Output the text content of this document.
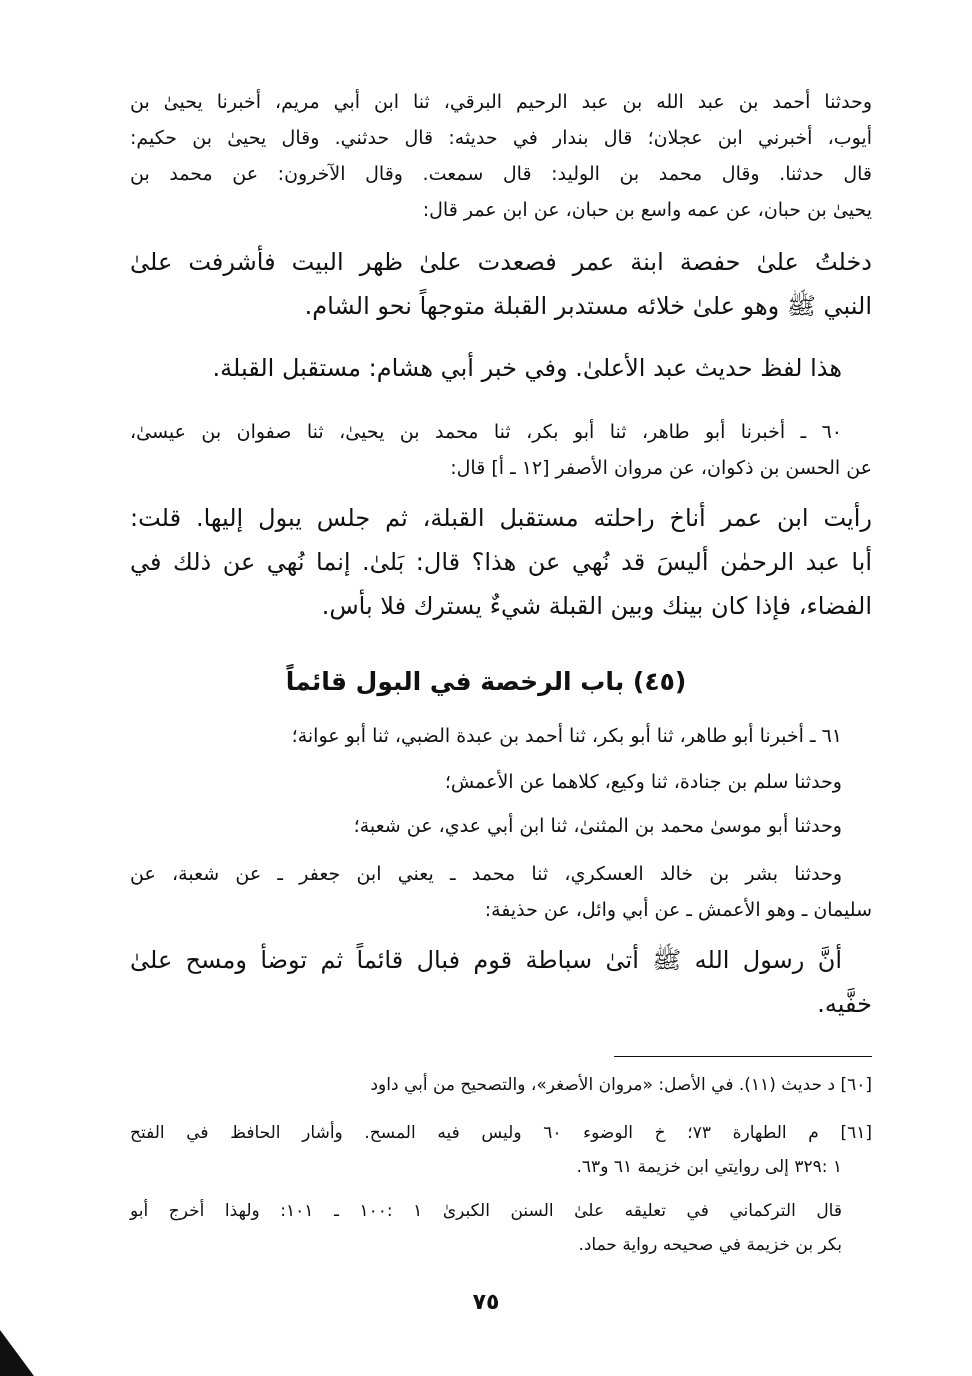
وحدثنا أحمد بن عبد الله بن عبد الرحيم البرقي، ثنا ابن أبي مريم، أخبرنا يحيىٰ بن
أيوب، أخبرني ابن عجلان؛ قال بندار في حديثه: قال حدثني. وقال يحيىٰ بن حكيم:
قال حدثنا. وقال محمد بن الوليد: قال سمعت. وقال الآخرون: عن محمد بن
يحيىٰ بن حبان، عن عمه واسع بن حبان، عن ابن عمر قال:
دخلتُ علىٰ حفصة ابنة عمر فصعدت علىٰ ظهر البيت فأشرفت علىٰ
النبي ﷺ وهو علىٰ خلائه مستدبر القبلة متوجهاً نحو الشام.
هذا لفظ حديث عبد الأعلىٰ. وفي خبر أبي هشام: مستقبل القبلة.
٦٠ ـ أخبرنا أبو طاهر، ثنا أبو بكر، ثنا محمد بن يحيىٰ، ثنا صفوان بن عيسىٰ،
عن الحسن بن ذكوان، عن مروان الأصفر [١٢ ـ أ] قال:
رأيت ابن عمر أناخ راحلته مستقبل القبلة، ثم جلس يبول إليها. قلت:
أبا عبد الرحمٰن أليسَ قد نُهي عن هذا؟ قال: بَلىٰ. إنما نُهي عن ذلك في
الفضاء، فإذا كان بينك وبين القبلة شيءٌ يسترك فلا بأس.
(٤٥) باب الرخصة في البول قائماً
٦١ ـ أخبرنا أبو طاهر، ثنا أبو بكر، ثنا أحمد بن عبدة الضبي، ثنا أبو عوانة؛
وحدثنا سلم بن جنادة، ثنا وكيع، كلاهما عن الأعمش؛
وحدثنا أبو موسىٰ محمد بن المثنىٰ، ثنا ابن أبي عدي، عن شعبة؛
وحدثنا بشر بن خالد العسكري، ثنا محمد ـ يعني ابن جعفر ـ عن شعبة، عن
سليمان ـ وهو الأعمش ـ عن أبي وائل، عن حذيفة:
أنَّ رسول الله ﷺ أتىٰ سباطة قوم فبال قائماً ثم توضأ ومسح علىٰ
خفَّيه.
[٦٠] د حديث (١١). في الأصل: «مروان الأصغر»، والتصحيح من أبي داود
[٦١] م الطهارة ٧٣؛ خ الوضوء ٦٠ وليس فيه المسح. وأشار الحافظ في الفتح
١ :٣٢٩ إلى روايتي ابن خزيمة ٦١ و٦٣.
قال التركماني في تعليقه علىٰ السنن الكبرىٰ ١ :١٠٠ ـ ١٠١: ولهذا أخرج أبو
بكر بن خزيمة في صحيحه رواية حماد.
٧٥
